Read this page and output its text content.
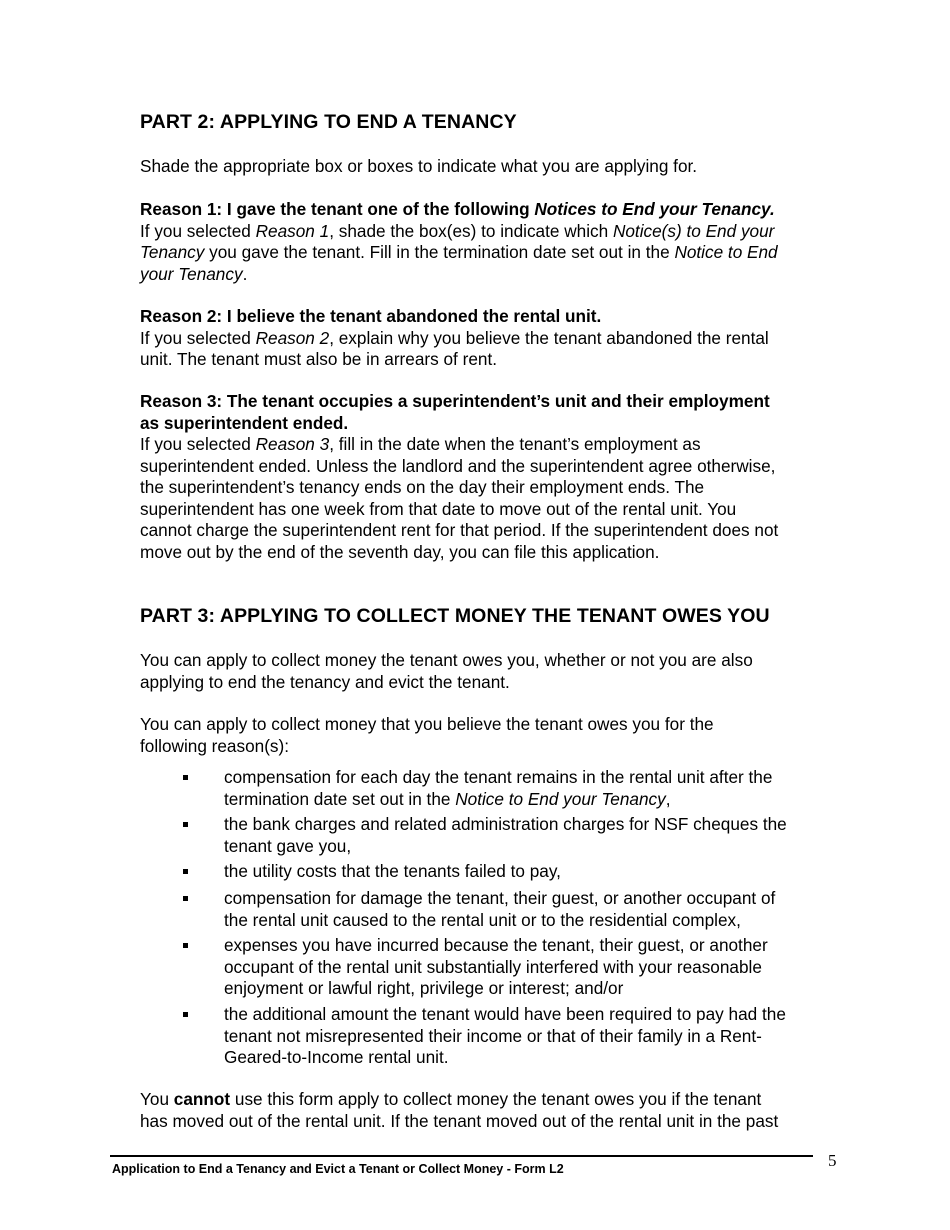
PART 2: APPLYING TO END A TENANCY

Shade the appropriate box or boxes to indicate what you are applying for.

Reason 1: I gave the tenant one of the following Notices to End your Tenancy.
If you selected Reason 1, shade the box(es) to indicate which Notice(s) to End your
Tenancy you gave the tenant. Fill in the termination date set out in the Notice to End
your Tenancy.
Reason 2: I believe the tenant abandoned the rental unit.
If you selected Reason 2, explain why you believe the tenant abandoned the rental
unit. The tenant must also be in arrears of rent.
Reason 3: The tenant occupies a superintendent’s unit and their employment
as superintendent ended.
If you selected Reason 3, fill in the date when the tenant’s employment as
superintendent ended. Unless the landlord and the superintendent agree otherwise,
the superintendent’s tenancy ends on the day their employment ends. The
superintendent has one week from that date to move out of the rental unit. You
cannot charge the superintendent rent for that period. If the superintendent does not
move out by the end of the seventh day, you can file this application.
PART 3: APPLYING TO COLLECT MONEY THE TENANT OWES YOU
You can apply to collect money the tenant owes you, whether or not you are also
applying to end the tenancy and evict the tenant.
You can apply to collect money that you believe the tenant owes you for the
following reason(s):
compensation for each day the tenant remains in the rental unit after the
termination date set out in the Notice to End your Tenancy,
the bank charges and related administration charges for NSF cheques the
tenant gave you,
the utility costs that the tenants failed to pay,
compensation for damage the tenant, their guest, or another occupant of
the rental unit caused to the rental unit or to the residential complex,
expenses you have incurred because the tenant, their guest, or another
occupant of the rental unit substantially interfered with your reasonable
enjoyment or lawful right, privilege or interest; and/or
the additional amount the tenant would have been required to pay had the
tenant not misrepresented their income or that of their family in a Rent-
Geared-to-Income rental unit.
You cannot use this form apply to collect money the tenant owes you if the tenant
has moved out of the rental unit. If the tenant moved out of the rental unit in the past
Application to End a Tenancy and Evict a Tenant or Collect Money - Form L2	5
